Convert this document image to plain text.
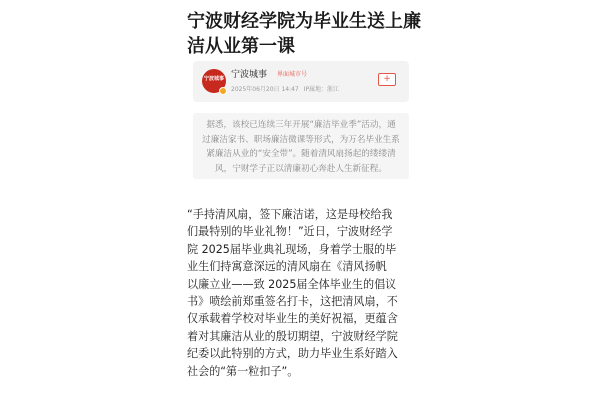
宁波财经学院为毕业生送上廉洁从业第一课
宁波城事 宁波城事 界面城市号
2025年06月20日 14:47 IP属地：浙江
+

据悉，该校已连续三年开展“廉洁毕业季”活动，通
过廉洁家书、职场廉洁微课等形式，为万名毕业生系
紧廉洁从业的“安全带”。随着清风扇扬起的缕缕清
风，宁财学子正以清廉初心奔赴人生新征程。

“手持清风扇，签下廉洁诺，这是母校给我
们最特别的毕业礼物！”近日，宁波财经学
院 2025届毕业典礼现场，身着学士服的毕
业生们持寓意深远的清风扇在《清风扬帆
以廉立业——致 2025届全体毕业生的倡议
书》喷绘前郑重签名打卡，这把清风扇，不
仅承载着学校对毕业生的美好祝福，更蕴含
着对其廉洁从业的殷切期望，宁波财经学院
纪委以此特别的方式，助力毕业生系好踏入
社会的“第一粒扣子”。
